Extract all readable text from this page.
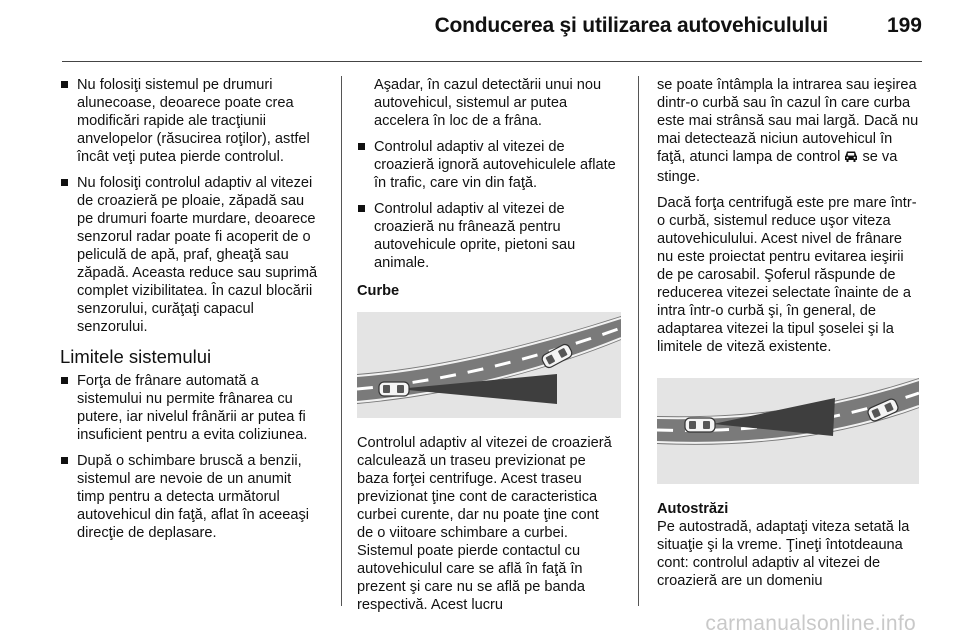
Conducerea şi utilizarea autovehiculului	199
Nu folosiţi sistemul pe drumuri alunecoase, deoarece poate crea modificări rapide ale tracţiunii anvelopelor (răsucirea roţilor), astfel încât veţi putea pierde controlul.
Nu folosiţi controlul adaptiv al vitezei de croazieră pe ploaie, zăpadă sau pe drumuri foarte murdare, deoarece senzorul radar poate fi acoperit de o peliculă de apă, praf, gheaţă sau zăpadă. Aceasta reduce sau suprimă complet vizibilitatea. În cazul blocării senzorului, curăţaţi capacul senzorului.
Limitele sistemului
Forţa de frânare automată a sistemului nu permite frânarea cu putere, iar nivelul frânării ar putea fi insuficient pentru a evita coliziunea.
După o schimbare bruscă a benzii, sistemul are nevoie de un anumit timp pentru a detecta următorul autovehicul din faţă, aflat în aceeaşi direcţie de deplasare.
Aşadar, în cazul detectării unui nou autovehicul, sistemul ar putea accelera în loc de a frâna.
Controlul adaptiv al vitezei de croazieră ignoră autovehiculele aflate în trafic, care vin din faţă.
Controlul adaptiv al vitezei de croazieră nu frânează pentru autovehicule oprite, pietoni sau animale.
Curbe
Controlul adaptiv al vitezei de croazieră calculează un traseu previzionat pe baza forţei centrifuge. Acest traseu previzionat ţine cont de caracteristica curbei curente, dar nu poate ţine cont de o viitoare schimbare a curbei. Sistemul poate pierde contactul cu autovehiculul care se află în faţă în prezent şi care nu se află pe banda respectivă. Acest lucru
se poate întâmpla la intrarea sau ieşirea dintr-o curbă sau în cazul în care curba este mai strânsă sau mai largă. Dacă nu mai detectează niciun autovehicul în faţă, atunci lampa de control se va stinge.
Dacă forţa centrifugă este pre mare într-o curbă, sistemul reduce uşor viteza autovehiculului. Acest nivel de frânare nu este proiectat pentru evitarea ieşirii de pe carosabil. Şoferul răspunde de reducerea vitezei selectate înainte de a intra într-o curbă şi, în general, de adaptarea vitezei la tipul şoselei şi la limitele de viteză existente.
Autostrăzi
Pe autostradă, adaptaţi viteza setată la situaţie şi la vreme. Ţineţi întotdeauna cont: controlul adaptiv al vitezei de croazieră are un domeniu
carmanualsonline.info
